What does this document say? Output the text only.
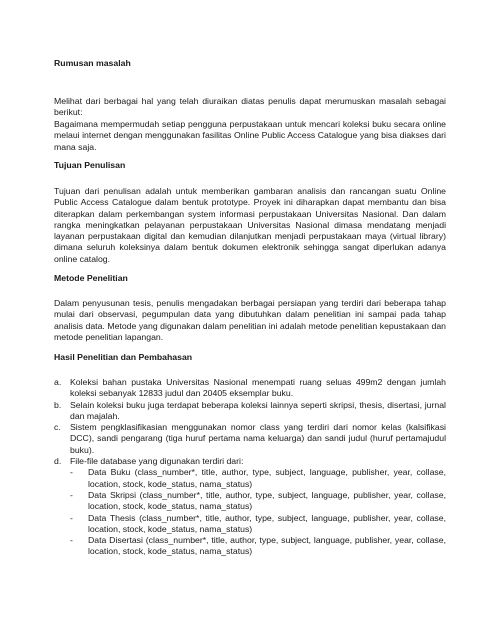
Rumusan masalah
Melihat dari berbagai hal yang telah diuraikan diatas penulis dapat merumuskan masalah sebagai berikut:
Bagaimana mempermudah setiap pengguna perpustakaan untuk mencari koleksi buku secara online melaui internet dengan menggunakan fasilitas Online Public Access Catalogue yang bisa diakses dari mana saja.
Tujuan Penulisan
Tujuan dari penulisan adalah untuk memberikan gambaran analisis dan rancangan suatu Online Public Access Catalogue dalam bentuk prototype. Proyek ini diharapkan dapat membantu dan bisa diterapkan dalam perkembangan system informasi perpustakaan Universitas Nasional. Dan dalam rangka meningkatkan pelayanan perpustakaan Universitas Nasional dimasa mendatang menjadi layanan perpustakaan digital dan kemudian dilanjutkan menjadi perpustakaan maya (virtual library) dimana seluruh koleksinya dalam bentuk dokumen elektronik sehingga sangat diperlukan adanya online catalog.
Metode Penelitian
Dalam penyusunan tesis, penulis mengadakan berbagai persiapan yang terdiri dari beberapa tahap mulai dari observasi, pegumpulan data yang dibutuhkan dalam penelitian ini sampai pada tahap analisis data. Metode yang digunakan dalam penelitian ini adalah metode penelitian kepustakaan dan metode penelitian lapangan.
Hasil Penelitian dan Pembahasan
a. Koleksi bahan pustaka Universitas Nasional menempati ruang seluas 499m2 dengan jumlah koleksi sebanyak 12833 judul dan 20405 eksemplar buku.
b. Selain koleksi buku juga terdapat beberapa koleksi lainnya seperti skripsi, thesis, disertasi, jurnal dan majalah.
c. Sistem pengklasifikasian menggunakan nomor class yang terdiri dari nomor kelas (kalsifikasi DCC), sandi pengarang (tiga huruf pertama nama keluarga) dan sandi judul (huruf pertamajudul buku).
d. File-file database yang digunakan terdiri dari:
- Data Buku (class_number*, title, author, type, subject, language, publisher, year, collase, location, stock, kode_status, nama_status)
- Data Skripsi (class_number*, title, author, type, subject, language, publisher, year, collase, location, stock, kode_status, nama_status)
- Data Thesis (class_number*, title, author, type, subject, language, publisher, year, collase, location, stock, kode_status, nama_status)
- Data Disertasi (class_number*, title, author, type, subject, language, publisher, year, collase, location, stock, kode_status, nama_status)
